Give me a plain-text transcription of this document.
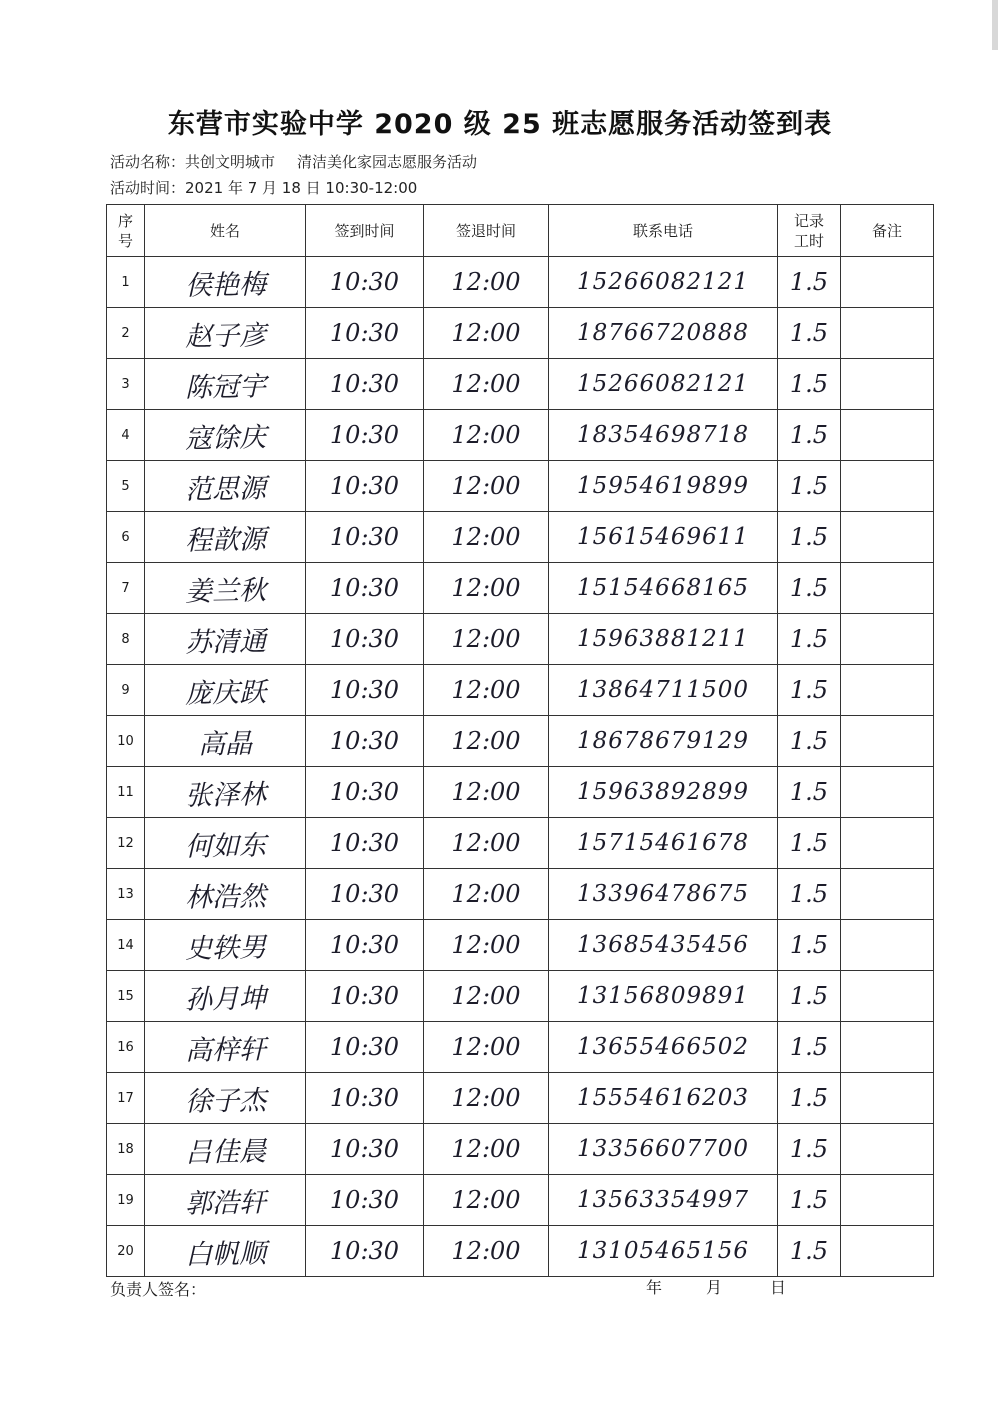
东营市实验中学 2020 级 25 班志愿服务活动签到表
活动名称：共创文明城市 清洁美化家园志愿服务活动
活动时间：2021 年 7 月 18 日 10:30-12:00
序号	姓名	签到时间	签退时间	联系电话	记录工时	备注
1	侯艳梅	10:30	12:00	15266082121	1.5	
2	赵子彦	10:30	12:00	18766720888	1.5	
3	陈冠宇	10:30	12:00	15266082121	1.5	
4	寇馀庆	10:30	12:00	18354698718	1.5	
5	范思源	10:30	12:00	15954619899	1.5	
6	程歆源	10:30	12:00	15615469611	1.5	
7	姜兰秋	10:30	12:00	15154668165	1.5	
8	苏清通	10:30	12:00	15963881211	1.5	
9	庞庆跃	10:30	12:00	13864711500	1.5	
10	高晶	10:30	12:00	18678679129	1.5	
11	张泽林	10:30	12:00	15963892899	1.5	
12	何如东	10:30	12:00	15715461678	1.5	
13	林浩然	10:30	12:00	13396478675	1.5	
14	史轶男	10:30	12:00	13685435456	1.5	
15	孙月坤	10:30	12:00	13156809891	1.5	
16	高梓轩	10:30	12:00	13655466502	1.5	
17	徐子杰	10:30	12:00	15554616203	1.5	
18	吕佳晨	10:30	12:00	13356607700	1.5	
19	郭浩轩	10:30	12:00	13563354997	1.5	
20	白帆顺	10:30	12:00	13105465156	1.5	
负责人签名：	年	月	日
